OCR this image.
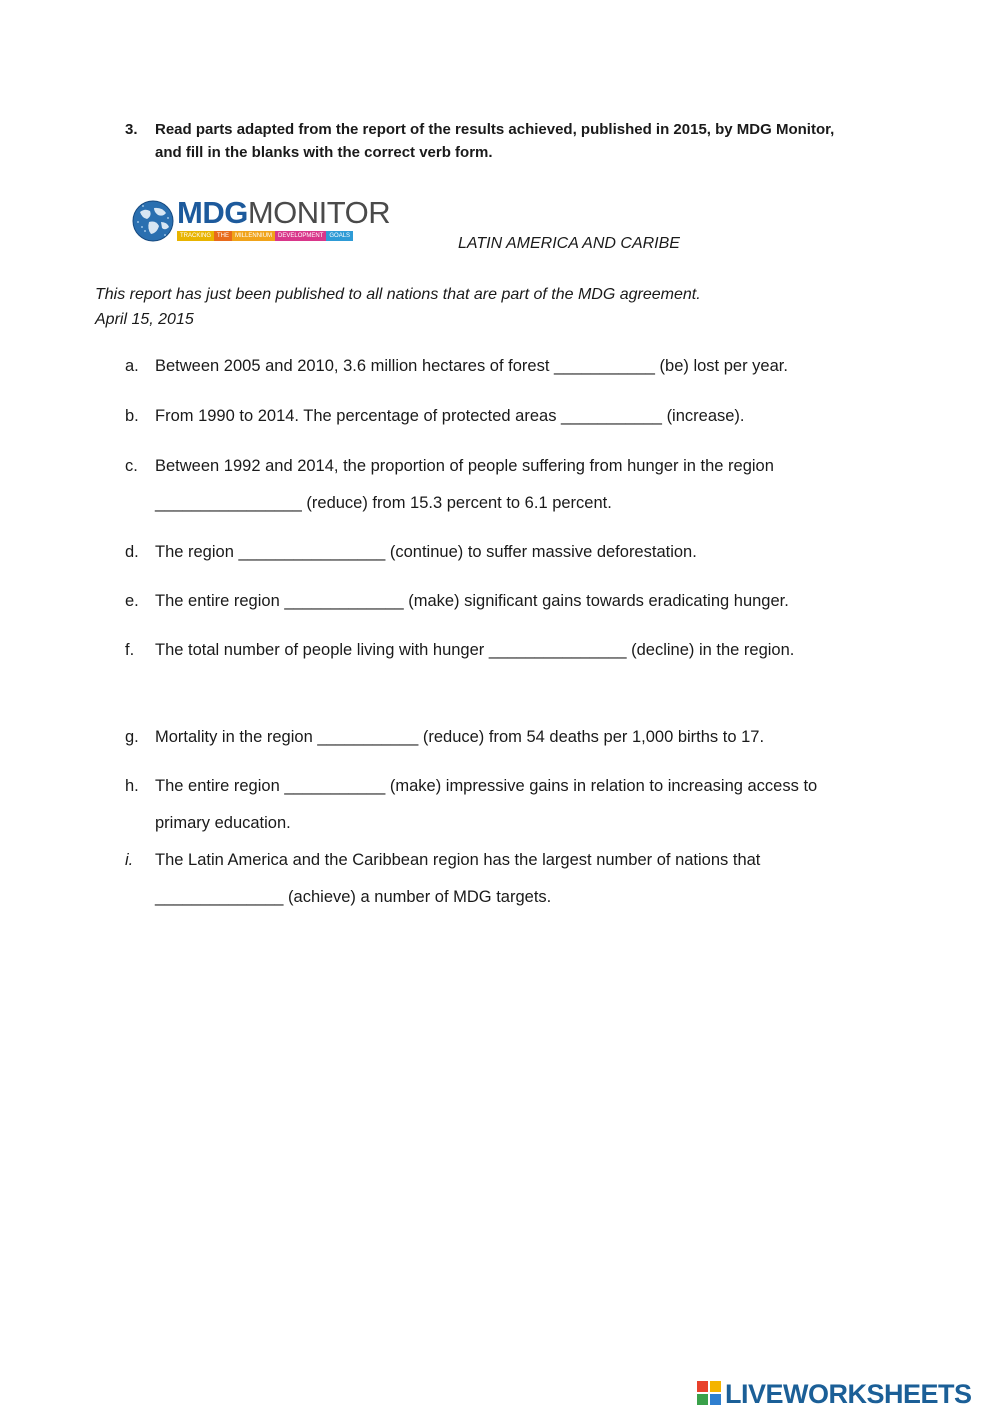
3. Read parts adapted from the report of the results achieved, published in 2015, by MDG Monitor, and fill in the blanks with the correct verb form.
MDGMONITOR
TRACKING	THE	MILLENNIUM	DEVELOPMENT	GOALS	LATIN AMERICA AND CARIBE
This report has just been published to all nations that are part of the MDG agreement.
April 15, 2015
a. Between 2005 and 2010, 3.6 million hectares of forest ___________ (be) lost per year.
b. From 1990 to 2014. The percentage of protected areas ___________ (increase).
c. Between 1992 and 2014, the proportion of people suffering from hunger in the region ________________ (reduce) from 15.3 percent to 6.1 percent.
d. The region ________________ (continue) to suffer massive deforestation.
e. The entire region _____________ (make) significant gains towards eradicating hunger.
f. The total number of people living with hunger _______________ (decline) in the region.
g. Mortality in the region ___________ (reduce) from 54 deaths per 1,000 births to 17.
h. The entire region ___________ (make) impressive gains in relation to increasing access to primary education.
i. The Latin America and the Caribbean region has the largest number of nations that ______________ (achieve) a number of MDG targets.
LIVEWORKSHEETS
